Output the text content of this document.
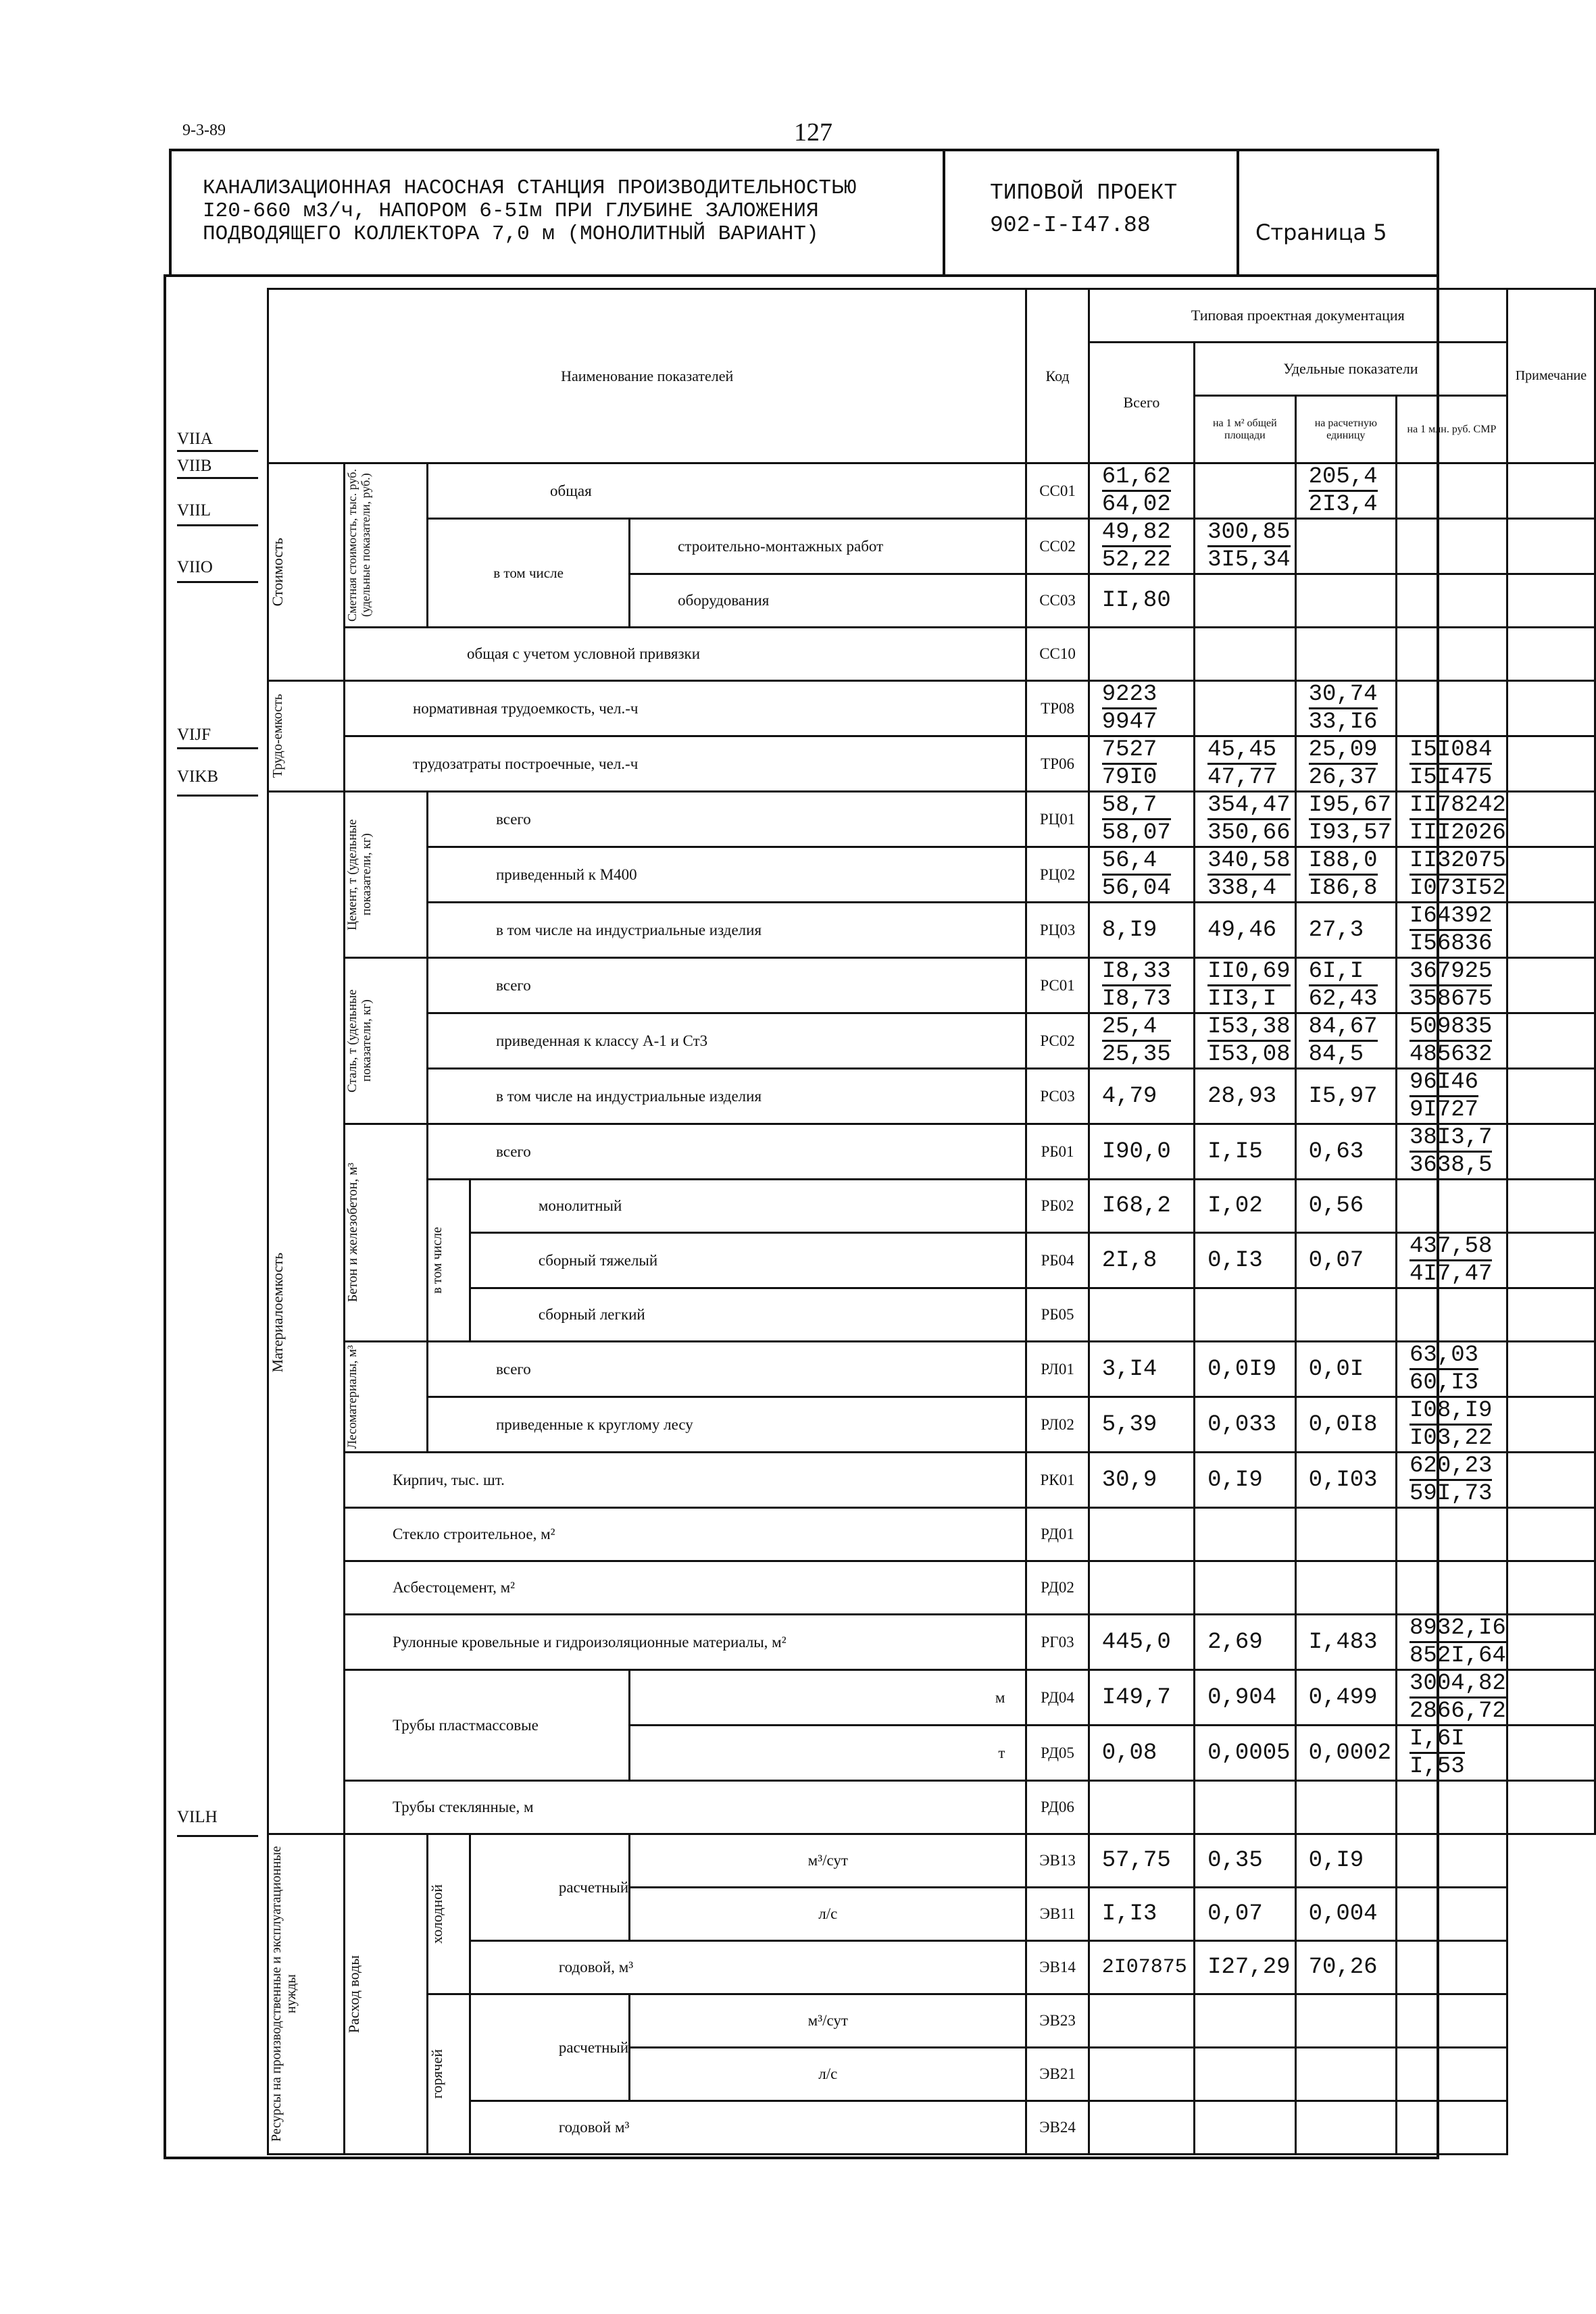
9-3-89	127
КАНАЛИЗАЦИОННАЯ НАСОСНАЯ СТАНЦИЯ ПРОИЗВОДИТЕЛЬНОСТЬЮ
I20-660 м3/ч, НАПОРОМ 6-5Iм ПРИ ГЛУБИНЕ ЗАЛОЖЕНИЯ
ПОДВОДЯЩЕГО КОЛЛЕКТОРА 7,0 м (МОНОЛИТНЫЙ ВАРИАНТ)
ТИПОВОЙ ПРОЕКТ
902-I-I47.88	Страница 5
VIIA
VIIB
VIIL
VIIO
VIJF
VIKB
VILH
Наименование показателей					Код	Типовая проектная документация				Примечание
						Всего	Удельные показатели			
							на 1 м² общей площади	на расчетную единицу	на 1 млн. руб. СМР	

Стоимость	Сметная стоимость, тыс. руб. (удельные показатели, руб.)	общая			СС01	$\frac{61,62}{64,02}$		$\frac{205,4}{2I3,4}$

		в том числе		строительно-монтажных работ	СС02	$\frac{49,82}{52,22}$	$\frac{300,85}{3I5,34}$

				оборудования	СС03	II,80				
	общая с учетом условной привязки				СС10					

Трудо-емкость	нормативная трудоемкость, чел.-ч				ТР08	$\frac{9223}{9947}$		$\frac{30,74}{33,I6}$

	трудозатраты построечные, чел.-ч				ТР06	$\frac{7527}{79I0}$	$\frac{45,45}{47,77}$	$\frac{25,09}{26,37}$	$\frac{I5I084}{I5I475}$

Материалоемкость	Цемент, т (удельные показатели, кг)	всего			РЦ01	$\frac{58,7}{58,07}$	$\frac{354,47}{350,66}$	$\frac{I95,67}{I93,57}$	$\frac{II78242}{\text{III2026}}$

		приведенный к М400			РЦ02	$\frac{56,4}{56,04}$	$\frac{340,58}{338,4}$	$\frac{I88,0}{I86,8}$	$\frac{II32075}{I073I52}$

		в том числе на индустриальные изделия			РЦ03	8,I9	49,46	27,3	$\frac{I64392}{I56836}$

	Сталь, т (удельные показатели, кг)	всего			РС01	$\frac{I8,33}{I8,73}$	$\frac{II0,69}{II3,I}$	$\frac{6I,I}{62,43}$	$\frac{367925}{358675}$

		приведенная к классу А-1 и Ст3			РС02	$\frac{25,4}{25,35}$	$\frac{I53,38}{I53,08}$	$\frac{84,67}{84,5}$	$\frac{509835}{485632}$

		в том числе на индустриальные изделия			РС03	4,79	28,93	I5,97	$\frac{96I46}{9I727}$

	Бетон и железобетон, м³	всего			РБ01	I90,0	I,I5	0,63	$\frac{38I3,7}{3638,5}$

		в том числе	монолитный		РБ02	I68,2	I,02	0,56		
			сборный тяжелый		РБ04	2I,8	0,I3	0,07	$\frac{437,58}{4I7,47}$

			сборный легкий		РБ05					

	Лесоматериалы, м³	всего			РЛ01	3,I4	0,0I9	0,0I	$\frac{63,03}{60,I3}$

		приведенные к круглому лесу			РЛ02	5,39	0,033	0,0I8	$\frac{I08,I9}{I03,22}$

	Кирпич, тыс. шт.				РК01	30,9	0,I9	0,I03	$\frac{620,23}{59I,73}$

	Стекло строительное, м²				РД01					
	Асбестоцемент, м²				РД02					
	Рулонные кровельные и гидроизоляционные материалы, м²				РГ03	445,0	2,69	I,483	$\frac{8932,I6}{852I,64}$

	Трубы пластмассовые			м	РД04	I49,7	0,904	0,499	$\frac{3004,82}{2866,72}$

				т	РД05	0,08	0,0005	0,0002	$\frac{I,6I}{I,53}$

	Трубы стеклянные, м				РД06					

Ресурсы на производственные и эксплуатационные нужды	Расход воды	холодной	расчетный	м³/сут	ЭВ13	57,75	0,35	0,I9		
				л/с	ЭВ11	I,I3	0,07	0,004		
			годовой, м³		ЭВ14	2I07875	I27,29	70,26		

		горячей	расчетный	м³/сут	ЭВ23					
				л/с	ЭВ21					
			годовой м³		ЭВ24					
